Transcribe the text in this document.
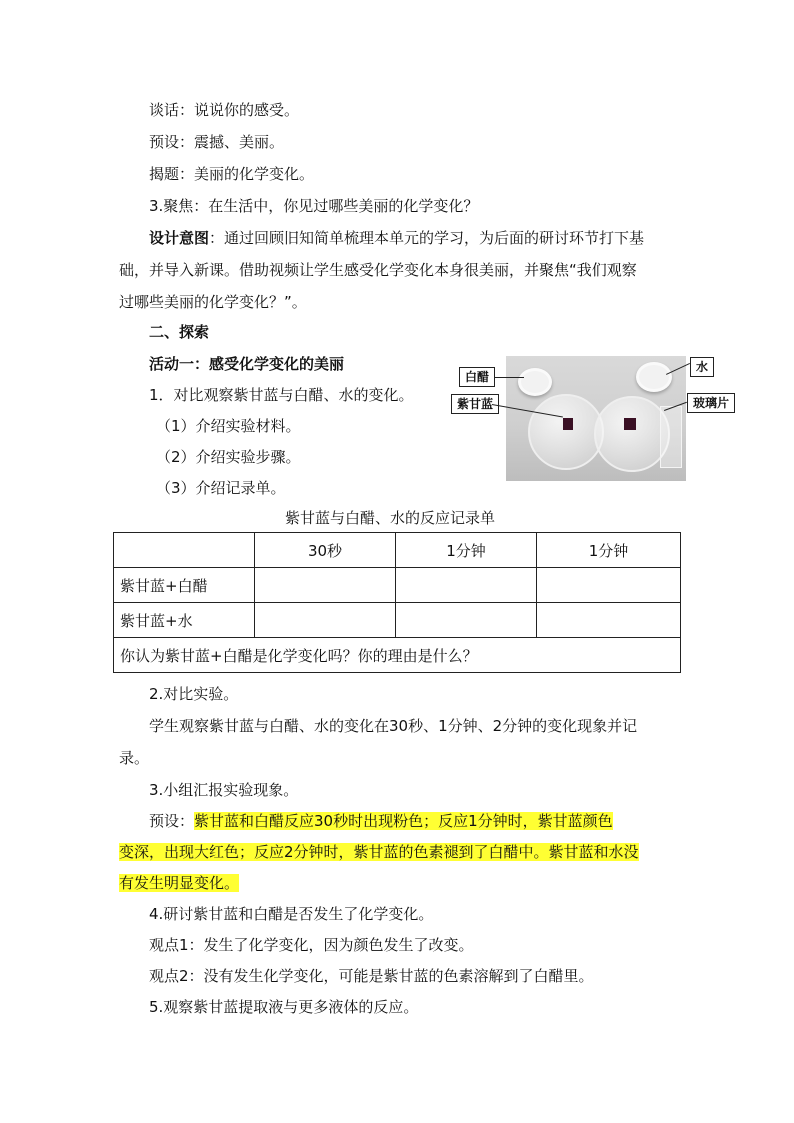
谈话：说说你的感受。
预设：震撼、美丽。
揭题：美丽的化学变化。
3.聚焦：在生活中，你见过哪些美丽的化学变化？
设计意图：通过回顾旧知简单梳理本单元的学习，为后面的研讨环节打下基
础，并导入新课。借助视频让学生感受化学变化本身很美丽，并聚焦“我们观察
过哪些美丽的化学变化？”。
二、探索
活动一：感受化学变化的美丽
1．对比观察紫甘蓝与白醋、水的变化。
（1）介绍实验材料。
（2）介绍实验步骤。
（3）介绍记录单。
白醋
紫甘蓝
水
玻璃片
紫甘蓝与白醋、水的反应记录单
	30秒	1分钟	1分钟
紫甘蓝+白醋			
紫甘蓝+水			
你认为紫甘蓝+白醋是化学变化吗？你的理由是什么？			
2.对比实验。
学生观察紫甘蓝与白醋、水的变化在30秒、1分钟、2分钟的变化现象并记
录。
3.小组汇报实验现象。
预设：紫甘蓝和白醋反应30秒时出现粉色；反应1分钟时，紫甘蓝颜色
变深，出现大红色；反应2分钟时，紫甘蓝的色素褪到了白醋中。紫甘蓝和水没
有发生明显变化。
4.研讨紫甘蓝和白醋是否发生了化学变化。
观点1：发生了化学变化，因为颜色发生了改变。
观点2：没有发生化学变化，可能是紫甘蓝的色素溶解到了白醋里。
5.观察紫甘蓝提取液与更多液体的反应。
